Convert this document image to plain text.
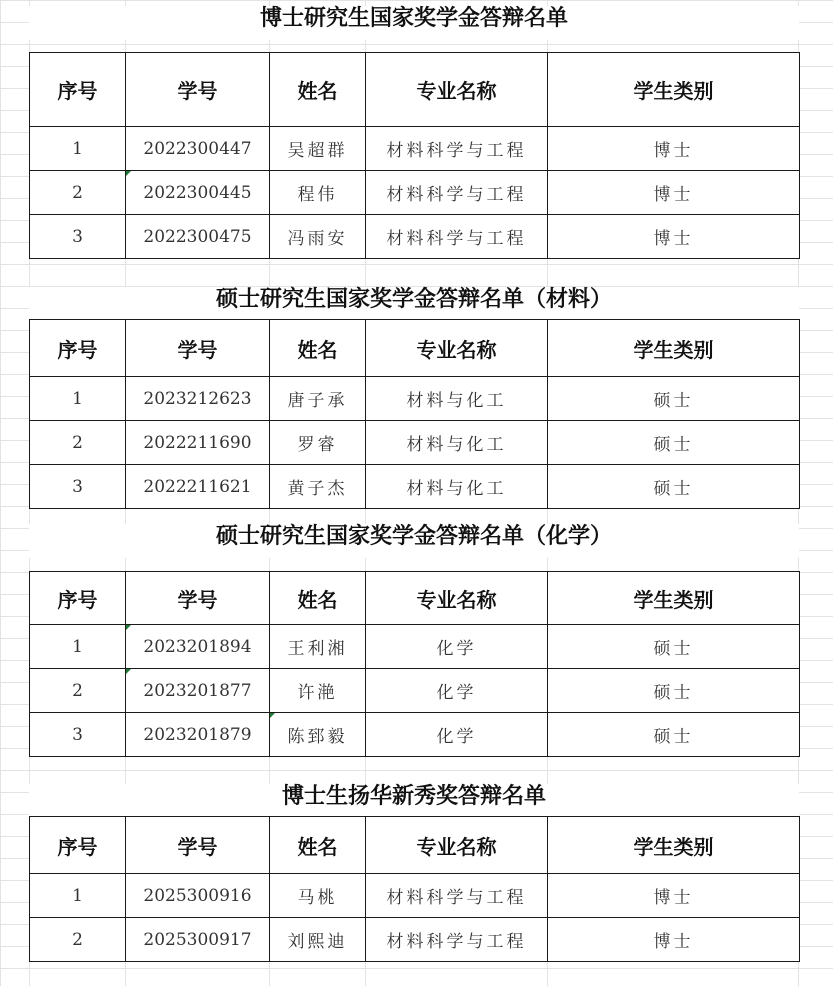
博士研究生国家奖学金答辩名单
序号	学号	姓名	专业名称	学生类别
1	2022300447	吴超群	材料科学与工程	博士
2	2022300445	程伟	材料科学与工程	博士
3	2022300475	冯雨安	材料科学与工程	博士
硕士研究生国家奖学金答辩名单（材料）
序号	学号	姓名	专业名称	学生类别
1	2023212623	唐子承	材料与化工	硕士
2	2022211690	罗睿	材料与化工	硕士
3	2022211621	黄子杰	材料与化工	硕士
硕士研究生国家奖学金答辩名单（化学）
序号	学号	姓名	专业名称	学生类别
1	2023201894	王利湘	化学	硕士
2	2023201877	许滟	化学	硕士
3	2023201879	陈郅毅	化学	硕士
博士生扬华新秀奖答辩名单
序号	学号	姓名	专业名称	学生类别
1	2025300916	马桃	材料科学与工程	博士
2	2025300917	刘熙迪	材料科学与工程	博士
